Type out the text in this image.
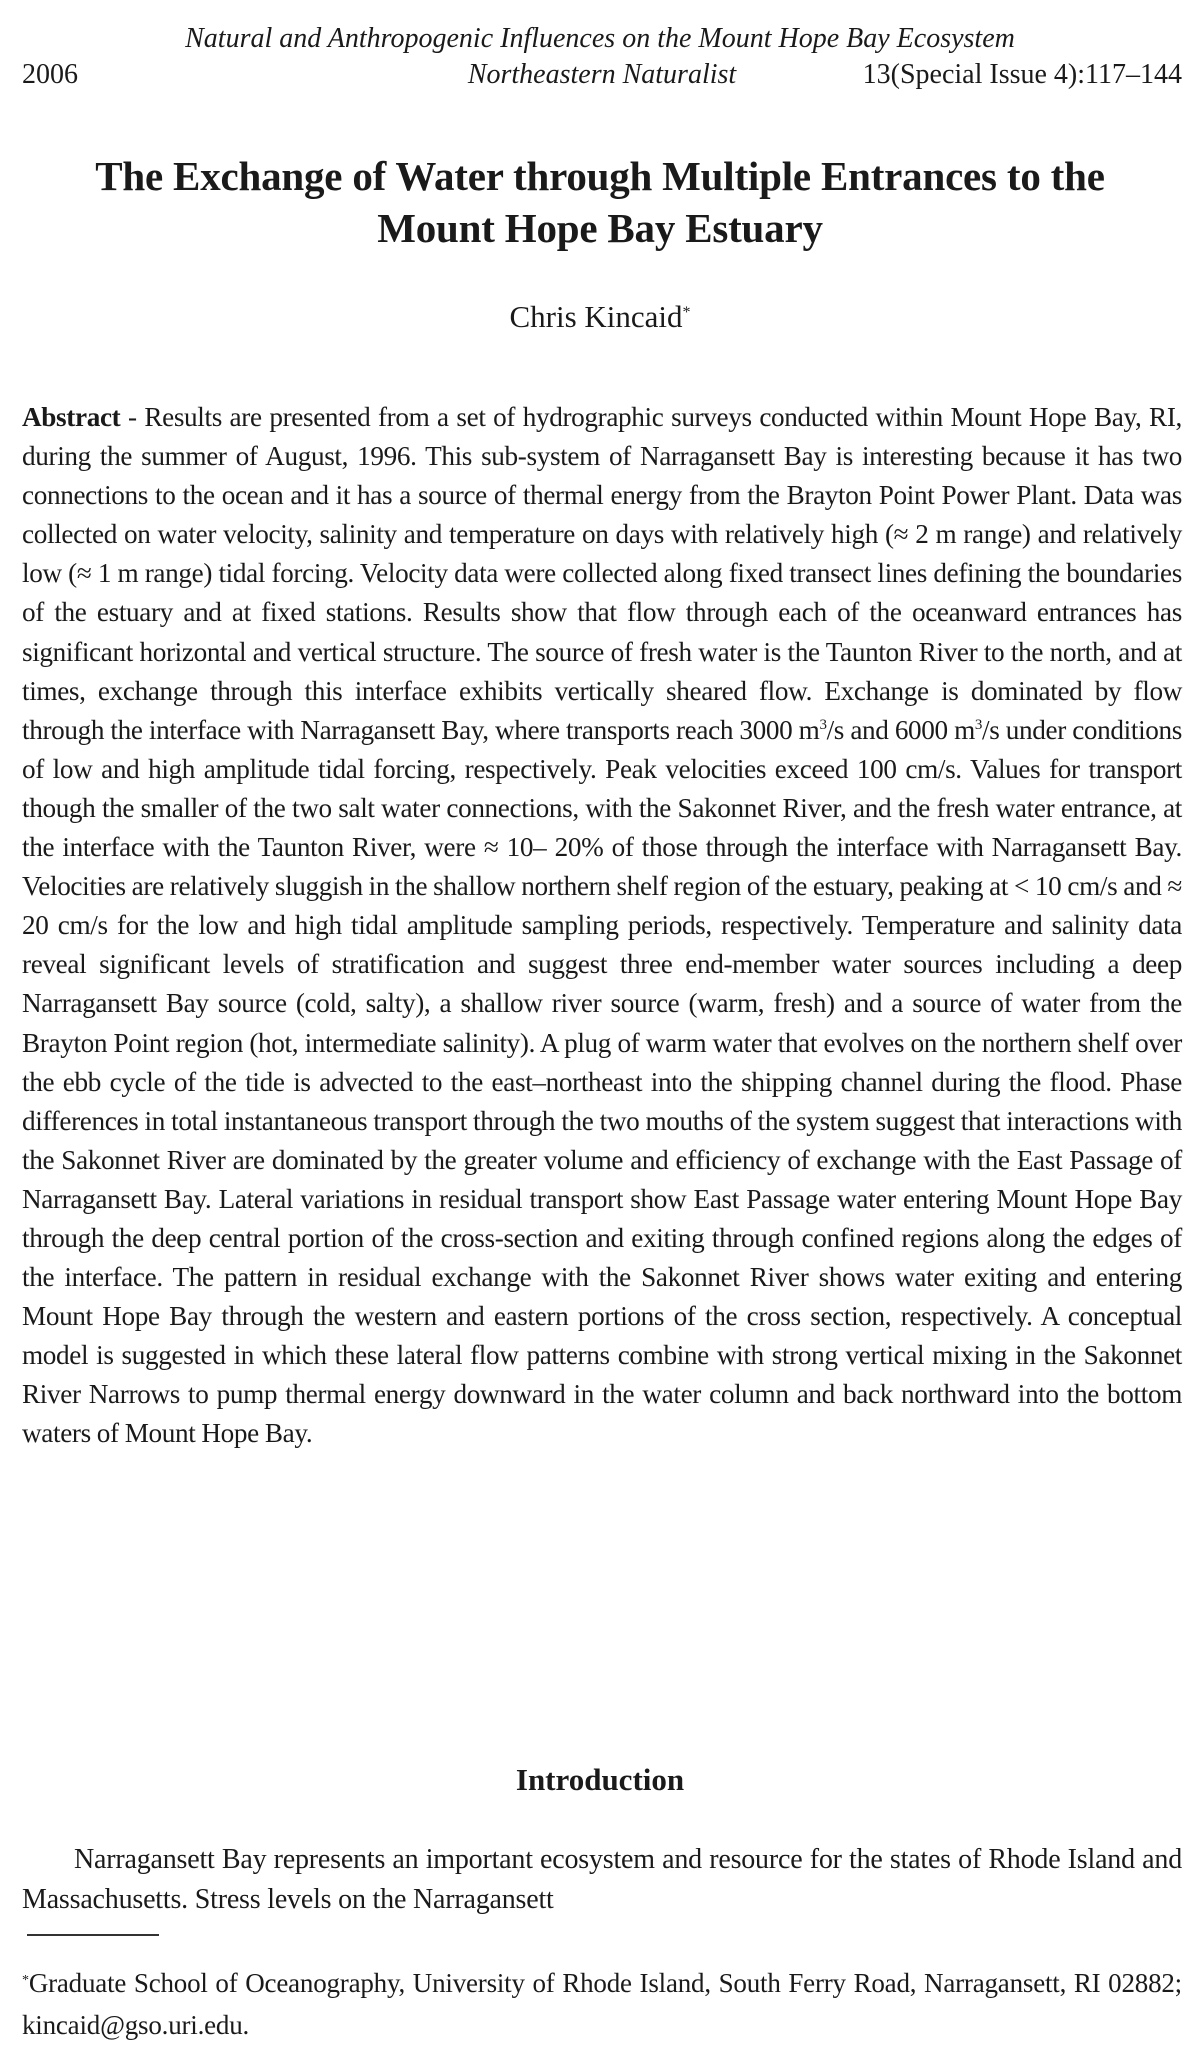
Natural and Anthropogenic Influences on the Mount Hope Bay Ecosystem
2006	Northeastern Naturalist	13(Special Issue 4):117–144
The Exchange of Water through Multiple Entrances to the Mount Hope Bay Estuary
Chris Kincaid*

Abstract - Results are presented from a set of hydrographic surveys conducted within Mount Hope Bay, RI, during the summer of August, 1996. This sub-system of Narragansett Bay is interesting because it has two connections to the ocean and it has a source of thermal energy from the Brayton Point Power Plant. Data was collected on water velocity, salinity and temperature on days with relatively high (≈ 2 m range) and relatively low (≈ 1 m range) tidal forcing. Velocity data were collected along fixed transect lines defining the boundaries of the estuary and at fixed stations. Results show that flow through each of the oceanward entrances has significant horizontal and vertical structure. The source of fresh water is the Taunton River to the north, and at times, exchange through this interface exhibits vertically sheared flow. Exchange is dominated by flow through the interface with Narragansett Bay, where transports reach 3000 $m^3/s$ and 6000 $m^3/s$ under conditions of low and high amplitude tidal forcing, respectively. Peak velocities exceed 100 cm/s. Values for transport though the smaller of the two salt water connections, with the Sakonnet River, and the fresh water entrance, at the interface with the Taunton River, were ≈ 10– 20% of those through the interface with Narragansett Bay. Velocities are relatively sluggish in the shallow northern shelf region of the estuary, peaking at < 10 cm/s and ≈ 20 cm/s for the low and high tidal amplitude sampling periods, respectively. Temperature and salinity data reveal significant levels of stratification and suggest three end-member water sources including a deep Narragansett Bay source (cold, salty), a shallow river source (warm, fresh) and a source of water from the Brayton Point region (hot, intermediate salinity). A plug of warm water that evolves on the northern shelf over the ebb cycle of the tide is advected to the east–northeast into the shipping channel during the flood. Phase differences in total instantaneous transport through the two mouths of the system suggest that interactions with the Sakonnet River are dominated by the greater volume and efficiency of exchange with the East Passage of Narragansett Bay. Lateral variations in residual transport show East Passage water entering Mount Hope Bay through the deep central portion of the cross-section and exiting through confined regions along the edges of the interface. The pattern in residual exchange with the Sakonnet River shows water exiting and entering Mount Hope Bay through the western and eastern portions of the cross section, respectively. A conceptual model is suggested in which these lateral flow patterns combine with strong vertical mixing in the Sakonnet River Narrows to pump thermal energy downward in the water column and back northward into the bottom waters of Mount Hope Bay.

Introduction

Narragansett Bay represents an important ecosystem and resource for the states of Rhode Island and Massachusetts. Stress levels on the Narragansett

*Graduate School of Oceanography, University of Rhode Island, South Ferry Road, Narragansett, RI 02882; kincaid@gso.uri.edu.
